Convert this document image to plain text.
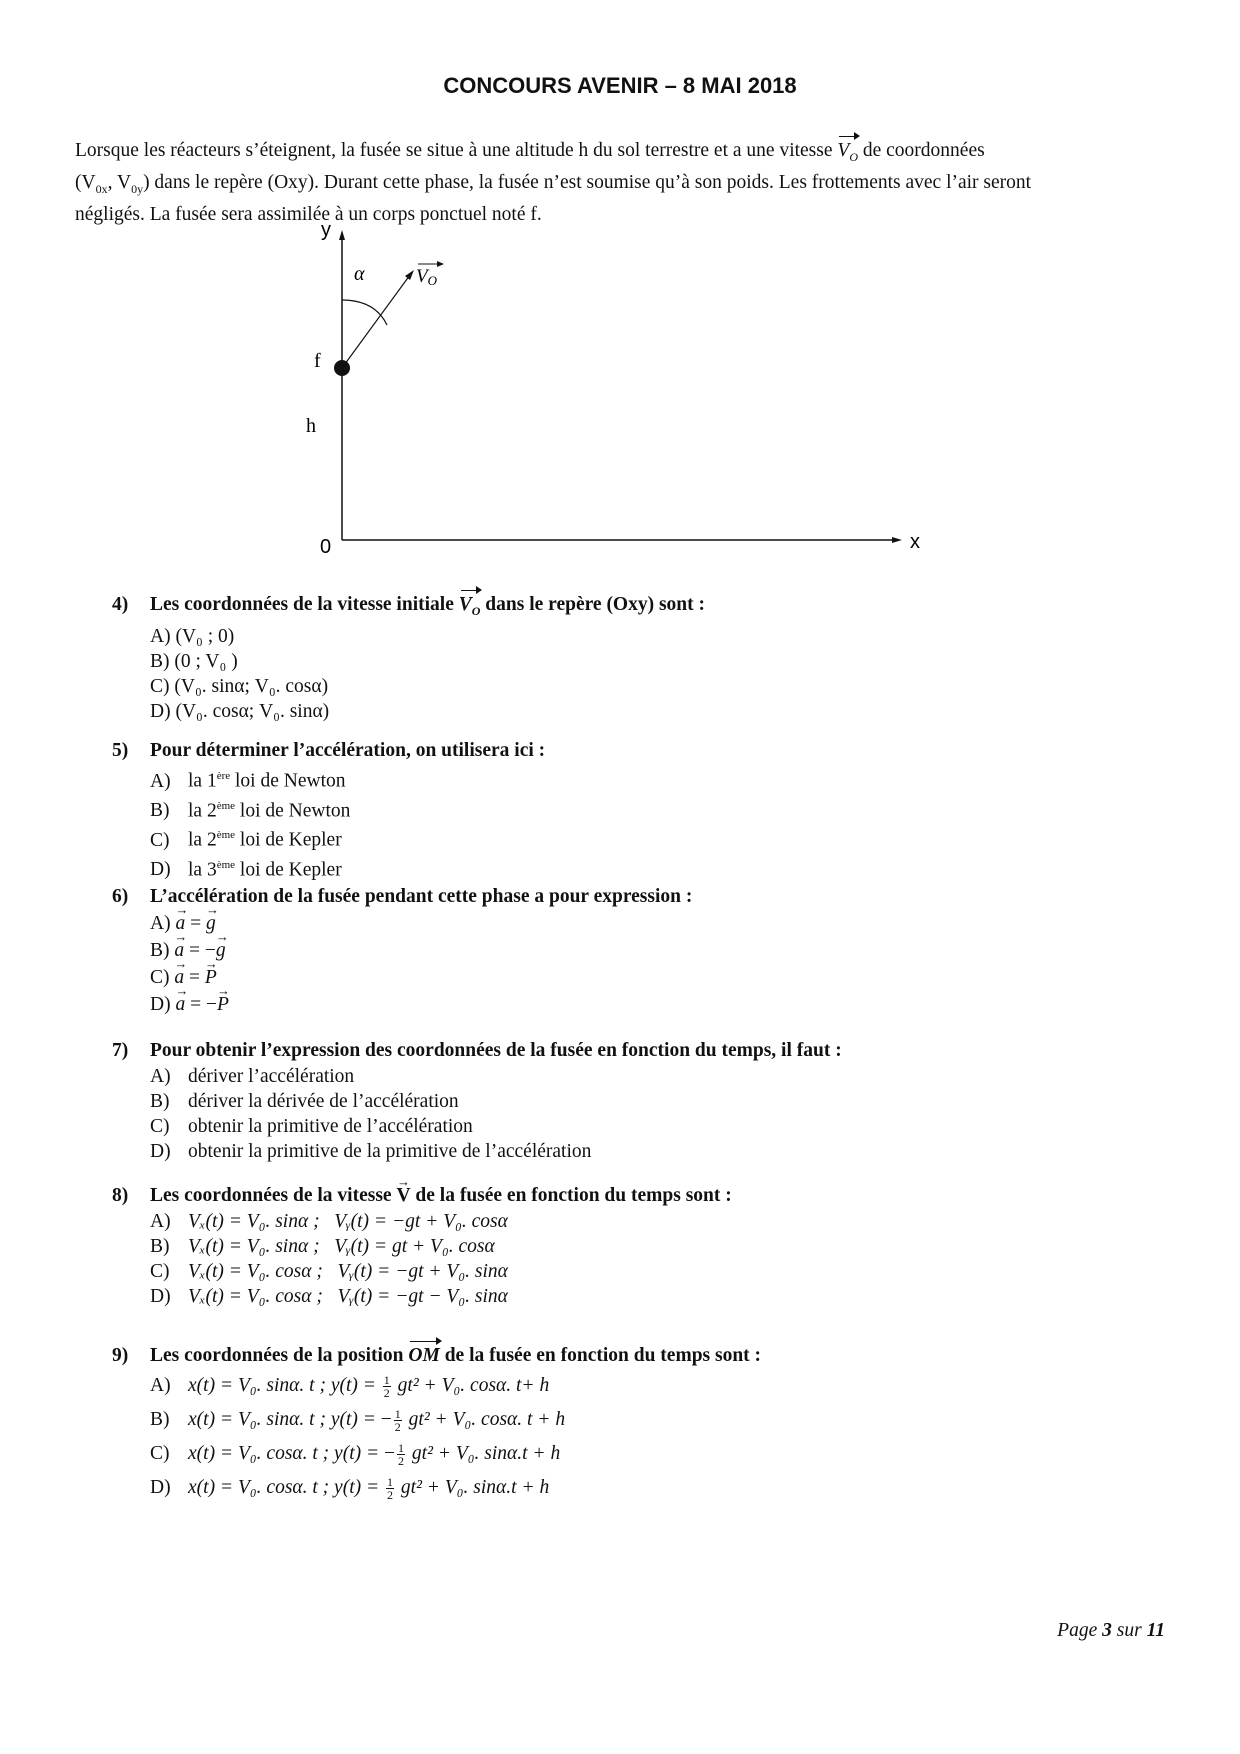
CONCOURS AVENIR – 8 MAI 2018

Lorsque les réacteurs s’éteignent, la fusée se situe à une altitude h du sol terrestre et a une vitesse $V_O$ de coordonnées

($V_{0x}$, $V_{0y}$) dans le repère (Oxy). Durant cette phase, la fusée n’est soumise qu’à son poids. Les frottements avec l’air seront

négligés. La fusée sera assimilée à un corps ponctuel noté f.

y
x
0
f
h
α	VO

4) Les coordonnées de la vitesse initiale $V_O$ dans le repère (Oxy) sont :

A) (V₀ ; 0)

B) (0 ; V₀ )

C) (V₀. sinα; V₀. cosα)

D) (V₀. cosα; V₀. sinα)

5) Pour déterminer l’accélération, on utilisera ici :

A) la 1ère loi de Newton

B) la 2ème loi de Newton

C) la 2ème loi de Kepler

D) la 3ème loi de Kepler

6) L’accélération de la fusée pendant cette phase a pour expression :

A) a → = g →

B) a → = −g →

C) a → = P →

D) a → = −P →

7) Pour obtenir l’expression des coordonnées de la fusée en fonction du temps, il faut :

A) dériver l’accélération

B) dériver la dérivée de l’accélération

C) obtenir la primitive de l’accélération

D) obtenir la primitive de la primitive de l’accélération

8) Les coordonnées de la vitesse V → de la fusée en fonction du temps sont :

A) Vₓ(t) = V₀. sinα ; Vᵧ(t) = −gt + V₀. cosα

B) Vₓ(t) = V₀. sinα ; Vᵧ(t) = gt + V₀. cosα

C) Vₓ(t) = V₀. cosα ; Vᵧ(t) = −gt + V₀. sinα

D) Vₓ(t) = V₀. cosα ; Vᵧ(t) = −gt − V₀. sinα

9) Les coordonnées de la position OM de la fusée en fonction du temps sont :

A) x(t) = V₀. sinα. t ; $y(t) = \frac{1}{2} gt^2 + V_0$. cosα. t+ h

B) x(t) = V₀. sinα. t ; y(t) = − $\frac{1}{2} gt^2 + V_0$. cosα. t + h

C) x(t) = V₀. cosα. t ; y(t) = − $\frac{1}{2} gt^2 + V_0$. sinα.t + h

D) x(t) = V₀. cosα. t ; $y(t) = \frac{1}{2} gt^2 + V_0$. sinα.t + h

Page 3 sur 11
